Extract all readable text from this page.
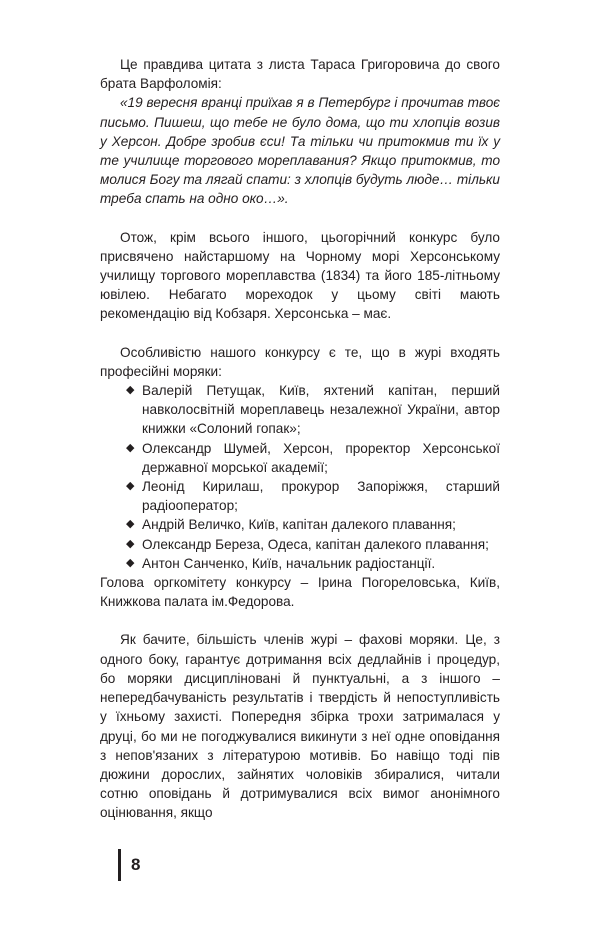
Це правдива цитата з листа Тараса Григоровича до свого брата Варфоломія:

«19 вересня вранці приїхав я в Петербург і прочитав твоє письмо. Пишеш, що тебе не було дома, що ти хлопців возив у Херсон. Добре зробив єси! Та тільки чи притокмив ти їх у те училище торгового мореплавания? Якщо притокмив, то молися Богу та лягай спати: з хлопців будуть люде… тільки треба спать на одно око…».

Отож, крім всього іншого, цьогорічний конкурс було присвячено найстаршому на Чорному морі Херсонському училищу торгового мореплавства (1834) та його 185-літньому ювілею. Небагато мореходок у цьому світі мають рекомендацію від Кобзаря. Херсонська – має.

Особливістю нашого конкурсу є те, що в журі входять професійні моряки:

◆ Валерій Петущак, Київ, яхтений капітан, перший навколосвітній мореплавець незалежної України, автор книжки «Солоний гопак»;
◆ Олександр Шумей, Херсон, проректор Херсонської державної морської академії;
◆ Леонід Кирилаш, прокурор Запоріжжя, старший радіооператор;
◆ Андрій Величко, Київ, капітан далекого плавання;
◆ Олександр Береза, Одеса, капітан далекого плавання;
◆ Антон Санченко, Київ, начальник радіостанції.

Голова оргкомітету конкурсу – Ірина Погореловська, Київ, Книжкова палата ім.Федорова.

Як бачите, більшість членів журі – фахові моряки. Це, з одного боку, гарантує дотримання всіх дедлайнів і процедур, бо моряки дисципліновані й пунктуальні, а з іншого – непередбачуваність результатів і твердість й непоступливість у їхньому захисті. Попередня збірка трохи затрималася у друці, бо ми не погоджувалися викинути з неї одне оповідання з непов'язаних з літературою мотивів. Бо навіщо тоді пів дюжини дорослих, зайнятих чоловіків збиралися, читали сотню оповідань й дотримувалися всіх вимог анонімного оцінювання, якщо

8
